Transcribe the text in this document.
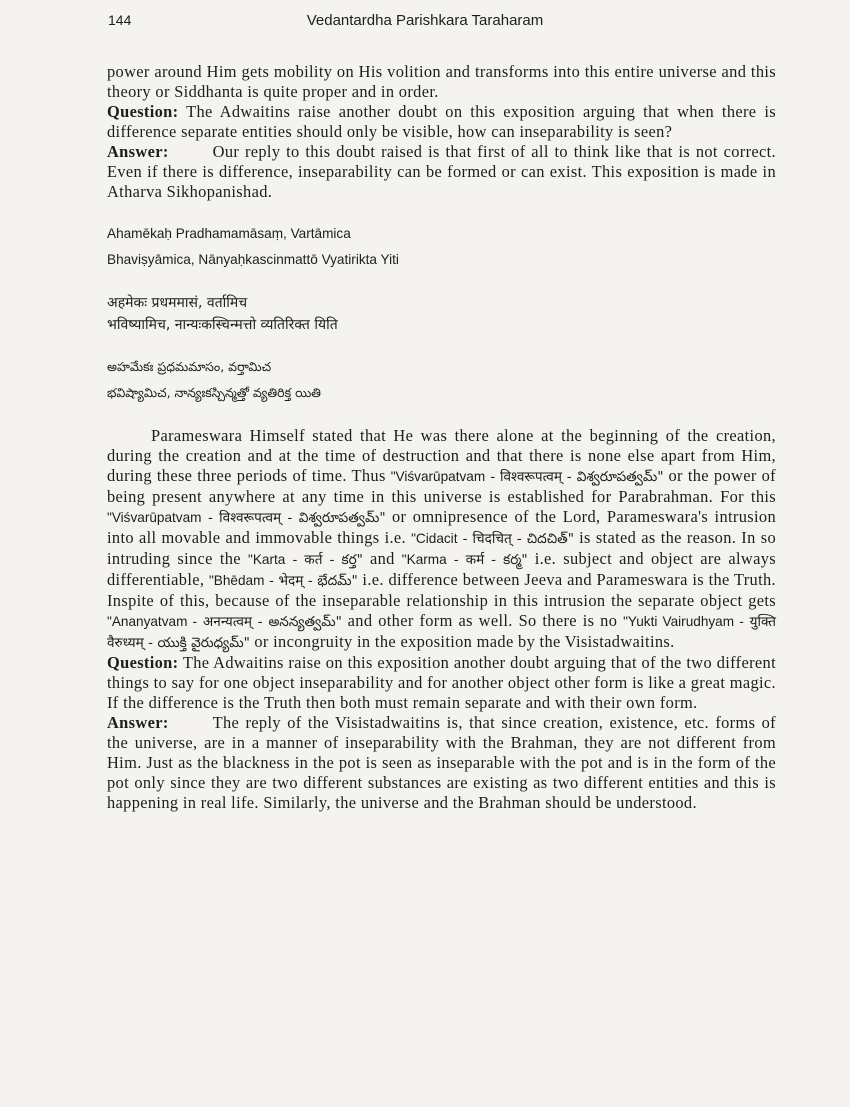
144	Vedantardha Parishkara Taraharam

power around Him gets mobility on His volition and transforms into this entire universe and this theory or Siddhanta is quite proper and in order.

Question: The Adwaitins raise another doubt on this exposition arguing that when there is difference separate entities should only be visible, how can inseparability is seen?

Answer:	Our reply to this doubt raised is that first of all to think like that is not correct. Even if there is difference, inseparability can be formed or can exist. This exposition is made in Atharva Sikhopanishad.

Ahamēkaḥ Pradhamamāsaṃ, Vartāmica

Bhaviṣyāmica, Nānyaḥkascinmattō Vyatirikta Yiti

अहमेकः प्रधममासं, वर्तामिच

भविष्यामिच, नान्यःकस्चिन्मत्तो व्यतिरिक्त यिति

అహమేకః ప్రధమమాసం, వర్తామిచ

భవిష్యామిచ, నాన్యఃకస్చిన్మత్తో వ్యతిరిక్త యితి

Parameswara Himself stated that He was there alone at the beginning of the creation, during the creation and at the time of destruction and that there is none else apart from Him, during these three periods of time. Thus "Viśvarūpatvam - विश्वरूपत्वम् - విశ్వరూపత్వమ్" or the power of being present anywhere at any time in this universe is established for Parabrahman. For this "Viśvarūpatvam - विश्वरूपत्वम् - విశ్వరూపత్వమ్" or omnipresence of the Lord, Parameswara's intrusion into all movable and immovable things i.e. "Cidacit - चिदचित् - చిదచిత్" is stated as the reason. In so intruding since the "Karta - कर्त - కర్త" and "Karma - कर्म - కర్మ" i.e. subject and object are always differentiable, "Bhēdam - भेदम् - భేదమ్" i.e. difference between Jeeva and Parameswara is the Truth. Inspite of this, because of the inseparable relationship in this intrusion the separate object gets "Ananyatvam - अनन्यत्वम् - అనన్యత్వమ్" and other form as well. So there is no "Yukti Vairudhyam - युक्ति वैरुध्यम् - యుక్తి వైరుధ్యమ్" or incongruity in the exposition made by the Visistadwaitins.

Question: The Adwaitins raise on this exposition another doubt arguing that of the two different things to say for one object inseparability and for another object other form is like a great magic. If the difference is the Truth then both must remain separate and with their own form.

Answer:	The reply of the Visistadwaitins is, that since creation, existence, etc. forms of the universe, are in a manner of inseparability with the Brahman, they are not different from Him. Just as the blackness in the pot is seen as inseparable with the pot and is in the form of the pot only since they are two different substances are existing as two different entities and this is happening in real life. Similarly, the universe and the Brahman should be understood.
